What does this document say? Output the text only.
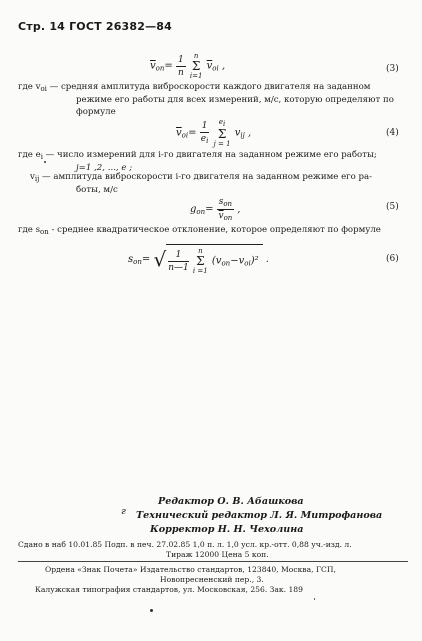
Стр. 14 ГОСТ 26382—84
$\overline{v}_{on}= \frac{1}{n}$ n
Σ
i=1 $\overline{v}_{oi}$ ,	(3)
где $v_{oi}$ — средняя амплитуда виброскорости каждого двигателя на заданном
режиме его работы для всех измерений, м/с, которую определяют по
формуле
$\overline{v}_{oi}= \frac{1}{e_i}$ ei
Σ
j = 1 $v_{ij}$ ,	(4)
где $e_i$ — число измерений для i-го двигателя на заданном режиме его работы;
j=1 ,2, ..., e ;
$v_{ij}$ — амплитуда виброскорости i-го двигателя на заданном режиме его ра-
боты, м/с
$g_{on}= \frac{s_{on}}{\overline{v}_{on}}$ ,	(5)
где $s_{on}$ - среднее квадратическое отклонение, которое определяют по формуле
$s_{on}=$ √ $\frac{1}{n—1}$ n
Σ
i =1 $(v_{on}-v_{oi})^2$ .	(6)
г
Редактор О. В. Абашкова
Технический редактор Л. Я. Митрофанова
Корректор Н. Н. Чехолина
Сдано в наб 10.01.85 Подп. в печ. 27.02.85 1,0 п. л. 1,0 усл. кр.-отт. 0,88 уч.-изд. л.
Тираж 12000 Цена 5 коп.
Ордена «Знак Почета» Издательство стандартов, 123840, Москва, ГСП,
Новопресненский пер., 3.
Калужская типография стандартов, ул. Московская, 256. Зак. 189
